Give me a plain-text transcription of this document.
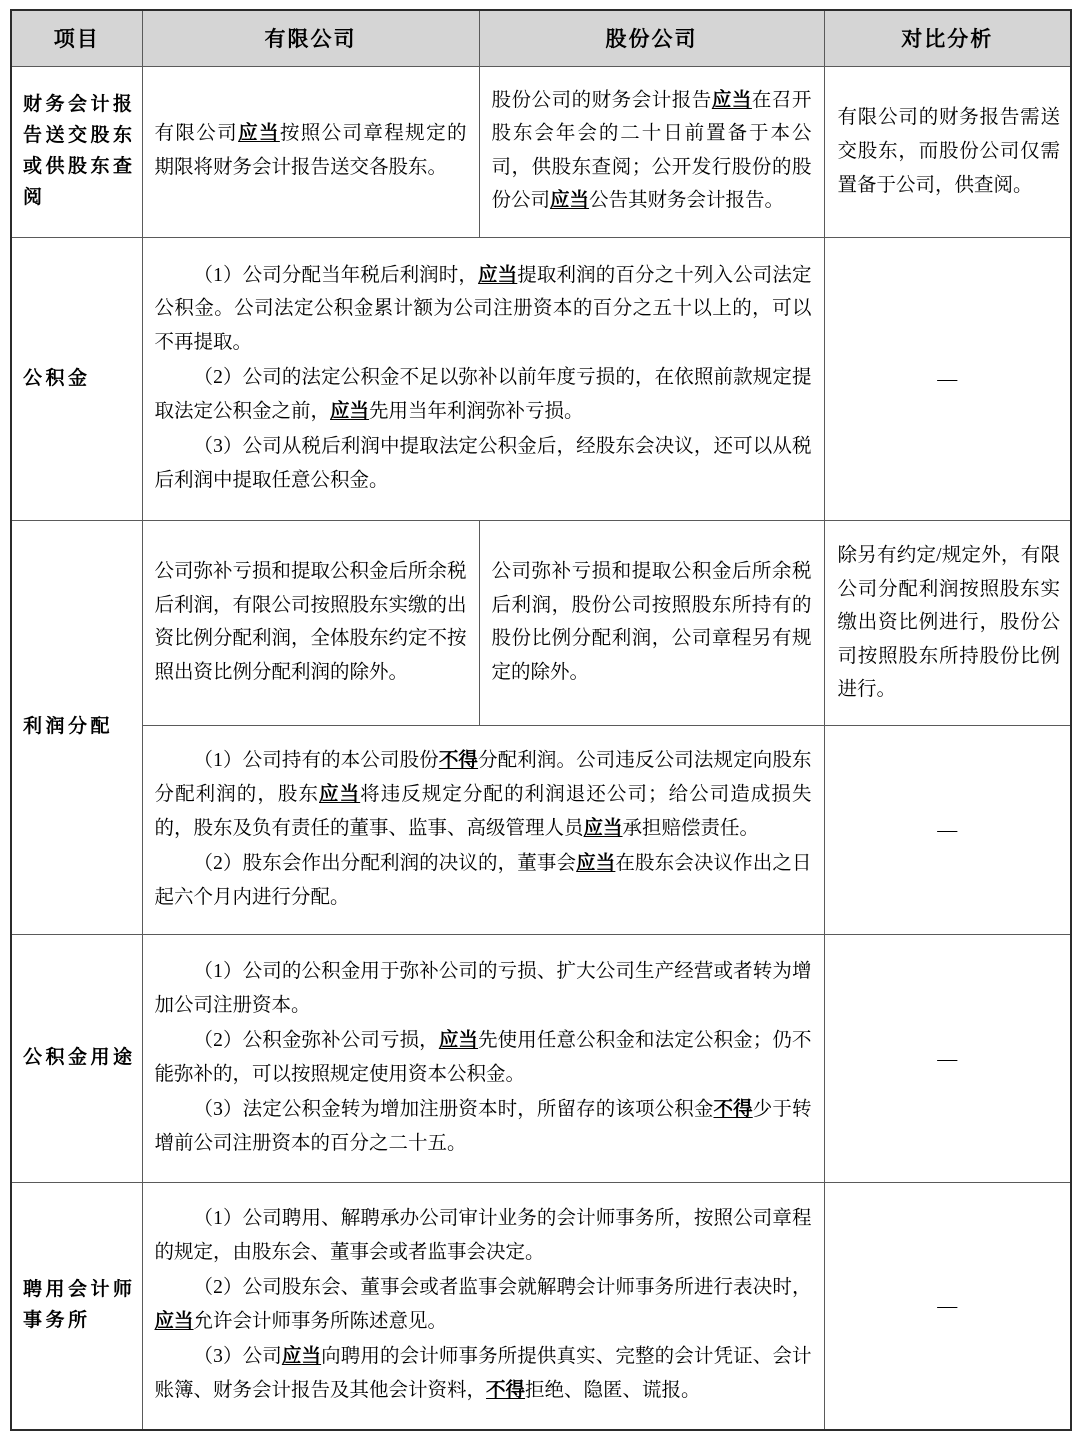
项目	有限公司	股份公司	对比分析
财务会计报告送交股东或供股东查阅	有限公司应当按照公司章程规定的期限将财务会计报告送交各股东。	股份公司的财务会计报告应当在召开股东会年会的二十日前置备于本公司，供股东查阅；公开发行股份的股份公司应当公告其财务会计报告。	有限公司的财务报告需送交股东，而股份公司仅需置备于公司，供查阅。
公积金	（1）公司分配当年税后利润时，应当提取利润的百分之十列入公司法定公积金。公司法定公积金累计额为公司注册资本的百分之五十以上的，可以不再提取。

（2）公司的法定公积金不足以弥补以前年度亏损的，在依照前款规定提取法定公积金之前，应当先用当年利润弥补亏损。

（3）公司从税后利润中提取法定公积金后，经股东会决议，还可以从税后利润中提取任意公积金。		—
利润分配	公司弥补亏损和提取公积金后所余税后利润，有限公司按照股东实缴的出资比例分配利润，全体股东约定不按照出资比例分配利润的除外。	公司弥补亏损和提取公积金后所余税后利润，股份公司按照股东所持有的股份比例分配利润，公司章程另有规定的除外。	除另有约定/规定外，有限公司分配利润按照股东实缴出资比例进行，股份公司按照股东所持股份比例进行。

	（1）公司持有的本公司股份不得分配利润。公司违反公司法规定向股东分配利润的，股东应当将违反规定分配的利润退还公司；给公司造成损失的，股东及负有责任的董事、监事、高级管理人员应当承担赔偿责任。

（2）股东会作出分配利润的决议的，董事会应当在股东会决议作出之日起六个月内进行分配。		—
公积金用途	（1）公司的公积金用于弥补公司的亏损、扩大公司生产经营或者转为增加公司注册资本。

（2）公积金弥补公司亏损，应当先使用任意公积金和法定公积金；仍不能弥补的，可以按照规定使用资本公积金。

（3）法定公积金转为增加注册资本时，所留存的该项公积金不得少于转增前公司注册资本的百分之二十五。		—
聘用会计师事务所	（1）公司聘用、解聘承办公司审计业务的会计师事务所，按照公司章程的规定，由股东会、董事会或者监事会决定。

（2）公司股东会、董事会或者监事会就解聘会计师事务所进行表决时，应当允许会计师事务所陈述意见。

（3）公司应当向聘用的会计师事务所提供真实、完整的会计凭证、会计账簿、财务会计报告及其他会计资料，不得拒绝、隐匿、谎报。		—
